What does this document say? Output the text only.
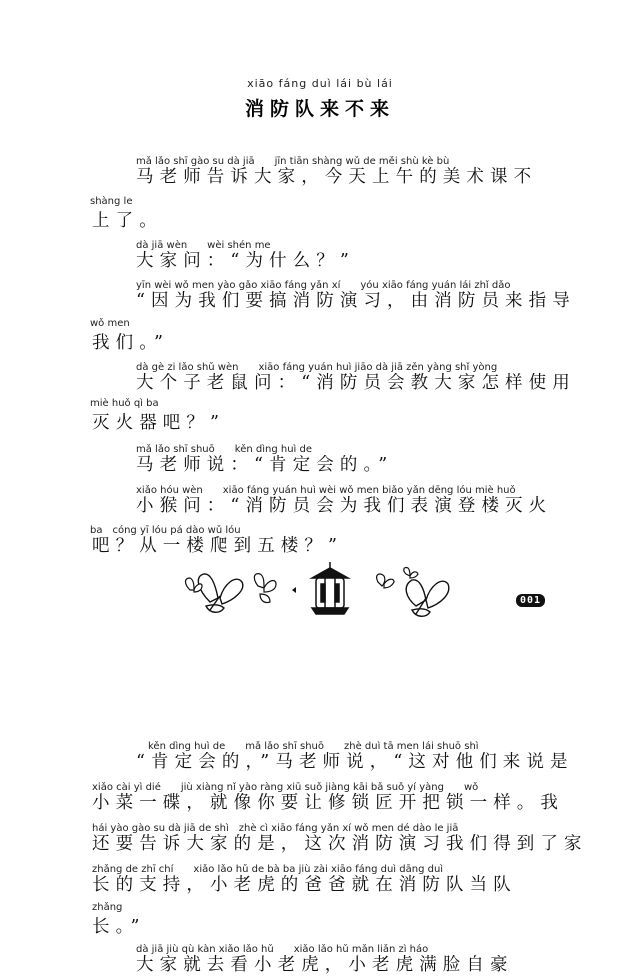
xiāo fáng duì lái bù lái
消防队来不来
mǎ lǎo shī gào su dà jiā　　jīn tiān shàng wǔ de měi shù kè bù
马老师告诉大家，今天上午的美术课不
shàng le
上了。
dà jiā wèn　　wèi shén me
大家问：“为什么？”
yīn wèi wǒ men yào gǎo xiāo fáng yǎn xí　　yóu xiāo fáng yuán lái zhǐ dǎo
“因为我们要搞消防演习，由消防员来指导
wǒ men
我们。”
dà gè zi lǎo shǔ wèn　　xiāo fáng yuán huì jiāo dà jiā zěn yàng shǐ yòng
大个子老鼠问：“消防员会教大家怎样使用
miè huǒ qì ba
灭火器吧？”
mǎ lǎo shī shuō　　kěn dìng huì de
马老师说：“肯定会的。”
xiǎo hóu wèn　　xiāo fáng yuán huì wèi wǒ men biǎo yǎn dēng lóu miè huǒ
小猴问：“消防员会为我们表演登楼灭火
ba　cóng yī lóu pá dào wǔ lóu
吧？从一楼爬到五楼？”
001
kěn dìng huì de　　mǎ lǎo shī shuō　　zhè duì tā men lái shuō shì
“肯定会的，”马老师说，“这对他们来说是
xiǎo cài yì dié　　jiù xiàng nǐ yào ràng xiū suǒ jiàng kāi bǎ suǒ yí yàng　　wǒ
小菜一碟，就像你要让修锁匠开把锁一样。我
hái yào gào su dà jiā de shì　zhè cì xiāo fáng yǎn xí wǒ men dé dào le jiā
还要告诉大家的是，这次消防演习我们得到了家
zhǎng de zhī chí　　xiǎo lǎo hǔ de bà ba jiù zài xiāo fáng duì dāng duì
长的支持，小老虎的爸爸就在消防队当队
zhǎng
长。”
dà jiā jiù qù kàn xiǎo lǎo hǔ　　xiǎo lǎo hǔ mǎn liǎn zì háo
大家就去看小老虎，小老虎满脸自豪
